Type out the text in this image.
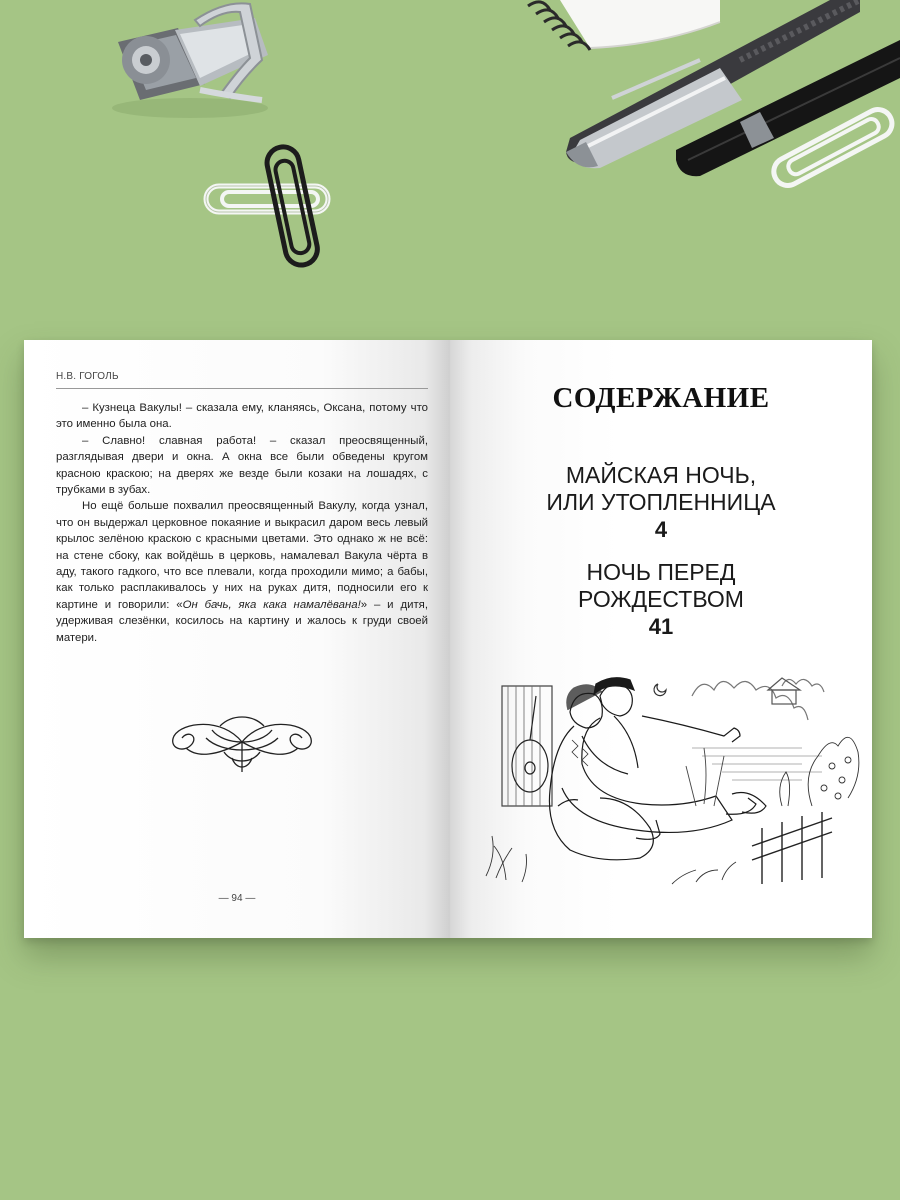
Н.В. ГОГОЛЬ

– Кузнеца Вакулы! – сказала ему, кланяясь, Оксана, потому что это именно была она.

– Славно! славная работа! – сказал преосвященный, разглядывая двери и окна. А окна все были обведены кругом красною краскою; на дверях же везде были козаки на лошадях, с трубками в зубах.

Но ещё больше похвалил преосвященный Вакулу, когда узнал, что он выдержал церковное покаяние и выкрасил даром весь левый крылос зелёною краскою с красными цветами. Это однако ж не всё: на стене сбоку, как войдёшь в церковь, намалевал Вакула чёрта в аду, такого гадкого, что все плевали, когда проходили мимо; а бабы, как только расплакивалось у них на руках дитя, подносили его к картине и говорили: «Он бачь, яка кака намалёвана!» – и дитя, удерживая слезёнки, косилось на картину и жалось к груди своей матери.

— 94 —
СОДЕРЖАНИЕ
МАЙСКАЯ НОЧЬ,
ИЛИ УТОПЛЕННИЦА
4
НОЧЬ ПЕРЕД
РОЖДЕСТВОМ
41
